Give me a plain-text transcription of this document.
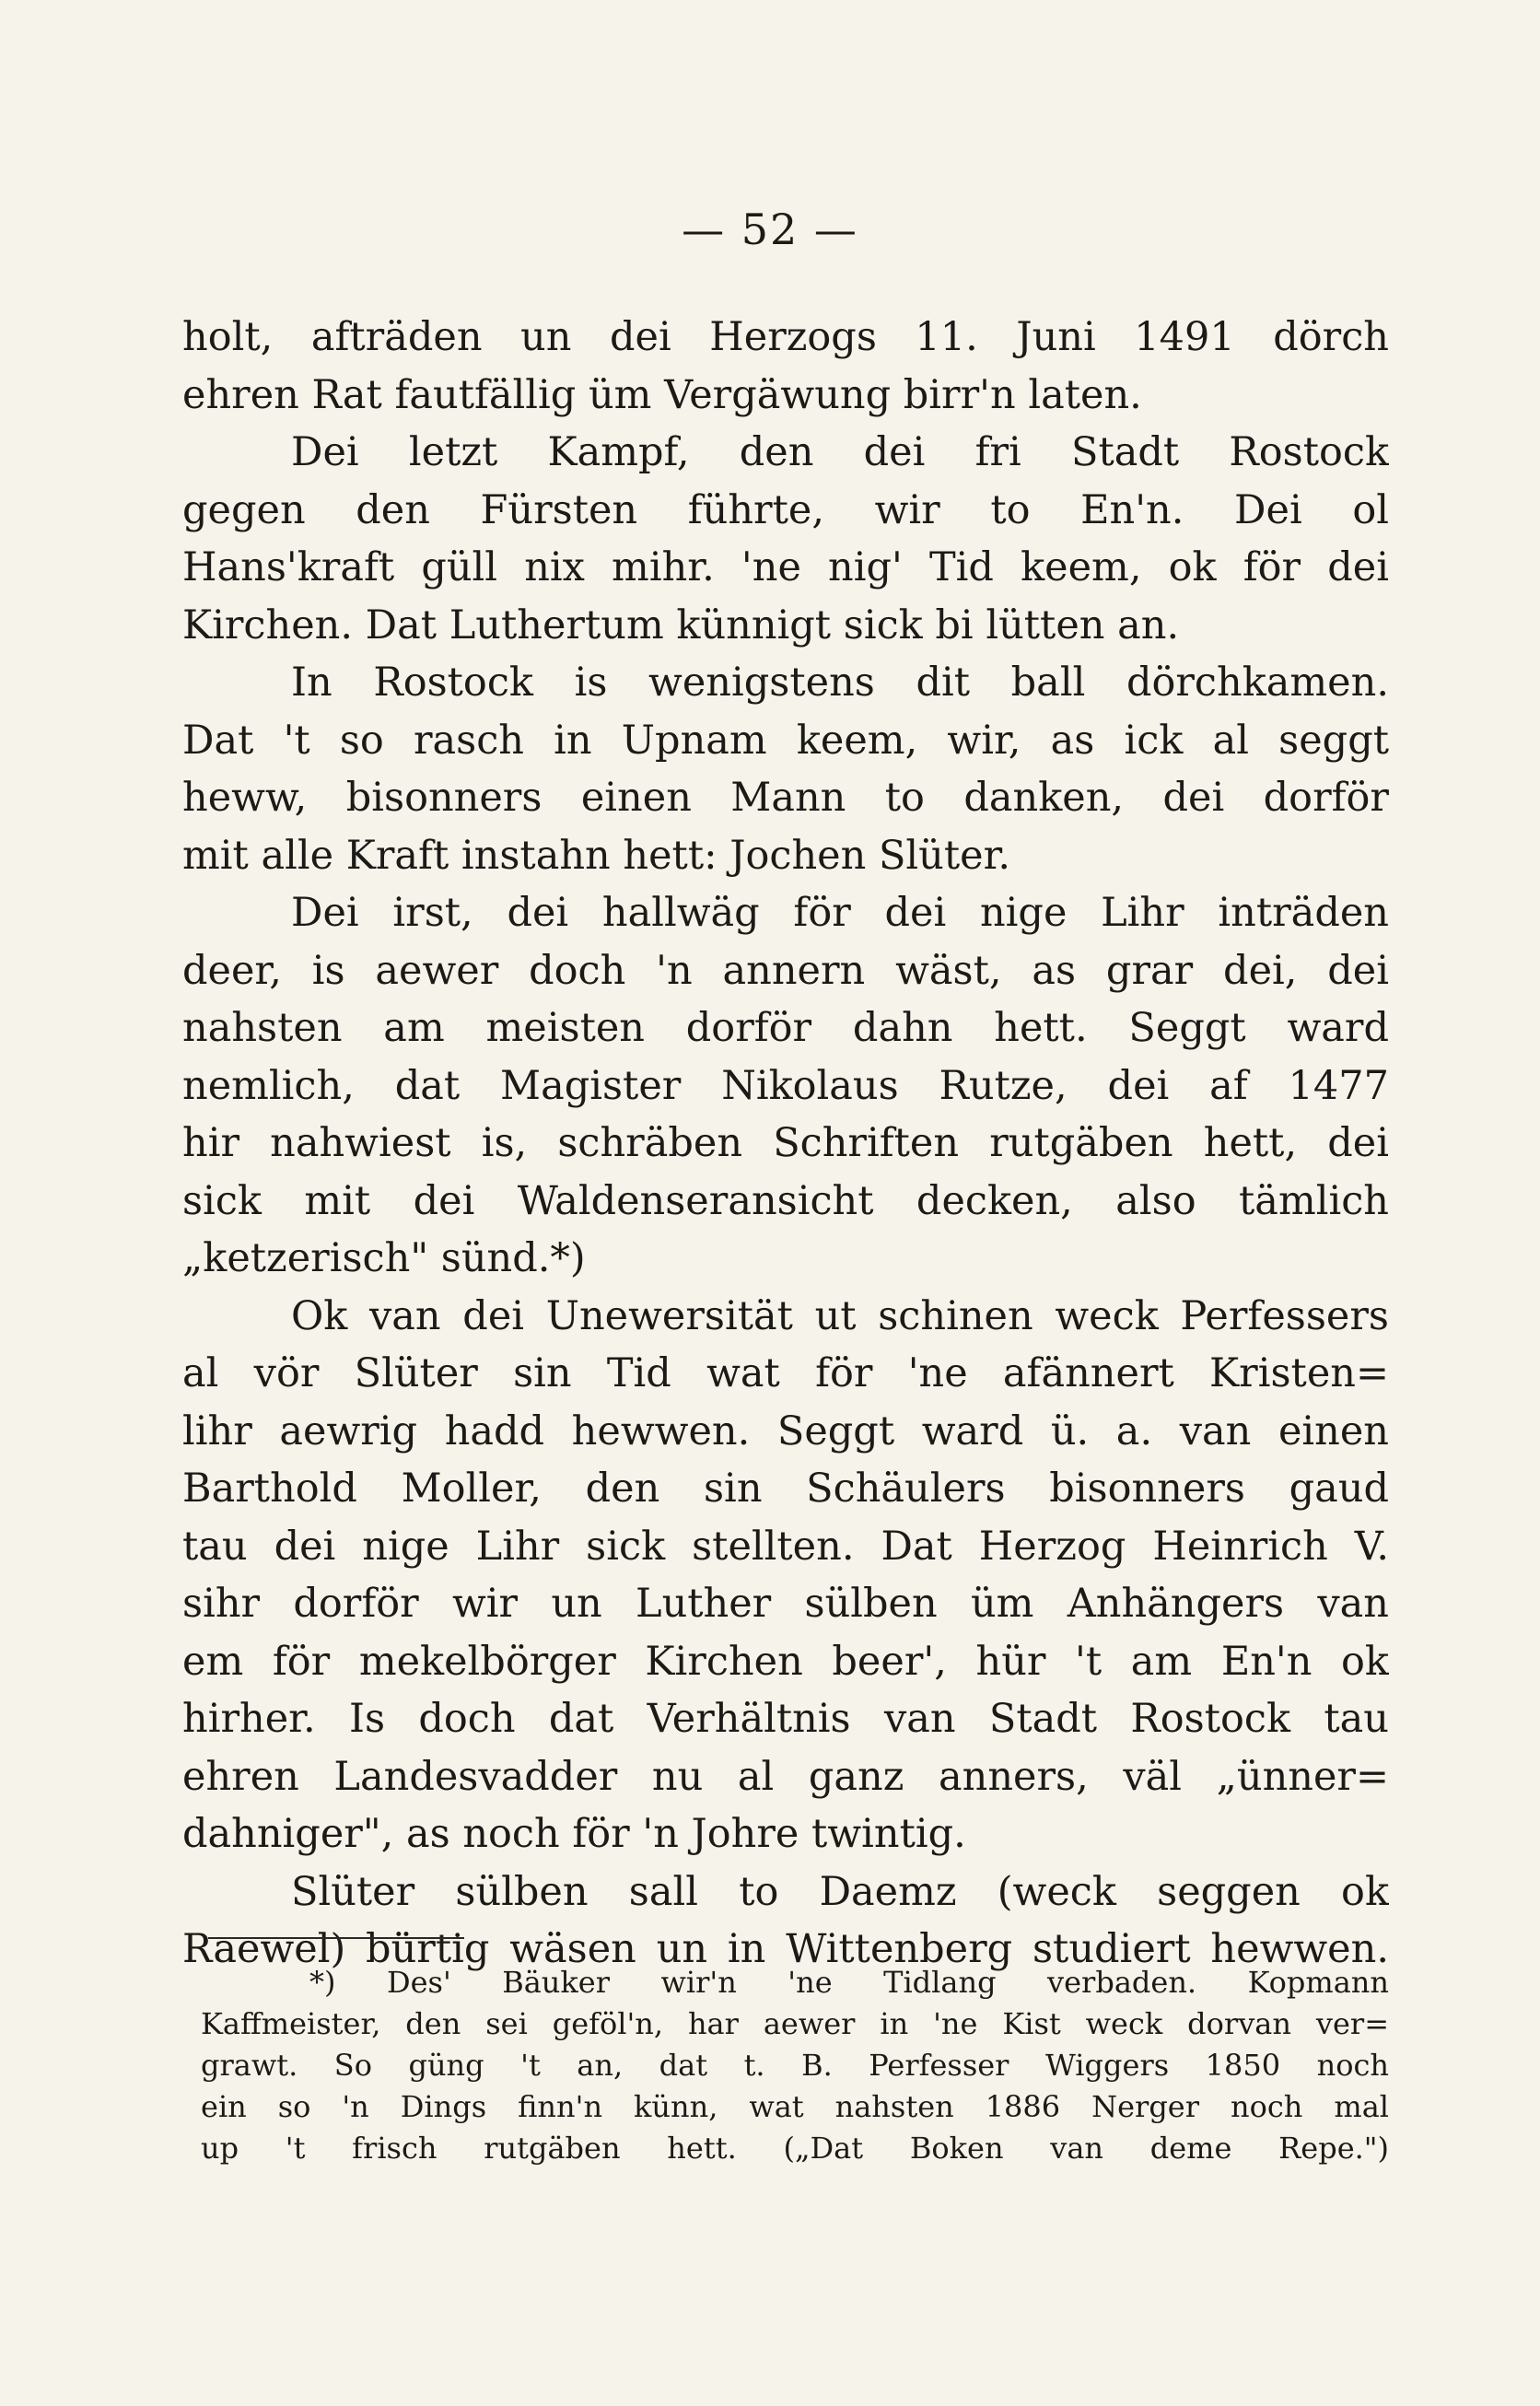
— 52 —
holt, afträden un dei Herzogs 11. Juni 1491 dörch
ehren Rat fautfällig üm Vergäwung birr'n laten.
Dei letzt Kampf, den dei fri Stadt Rostock
gegen den Fürsten führte, wir to En'n. Dei ol
Hans'kraft güll nix mihr. 'ne nig' Tid keem, ok för dei
Kirchen. Dat Luthertum künnigt sick bi lütten an.
In Rostock is wenigstens dit ball dörchkamen.
Dat 't so rasch in Upnam keem, wir, as ick al seggt
heww, bisonners einen Mann to danken, dei dorför
mit alle Kraft instahn hett: Jochen Slüter.
Dei irst, dei hallwäg för dei nige Lihr inträden
deer, is aewer doch 'n annern wäst, as grar dei, dei
nahsten am meisten dorför dahn hett. Seggt ward
nemlich, dat Magister Nikolaus Rutze, dei af 1477
hir nahwiest is, schräben Schriften rutgäben hett, dei
sick mit dei Waldenseransicht decken, also tämlich
„ketzerisch" sünd.*)
Ok van dei Unewersität ut schinen weck Perfessers
al vör Slüter sin Tid wat för 'ne afännert Kristen=
lihr aewrig hadd hewwen. Seggt ward ü. a. van einen
Barthold Moller, den sin Schäulers bisonners gaud
tau dei nige Lihr sick stellten. Dat Herzog Heinrich V.
sihr dorför wir un Luther sülben üm Anhängers van
em för mekelbörger Kirchen beer', hür 't am En'n ok
hirher. Is doch dat Verhältnis van Stadt Rostock tau
ehren Landesvadder nu al ganz anners, väl „ünner=
dahniger", as noch för 'n Johre twintig.
Slüter sülben sall to Daemz (weck seggen ok
Raewel) bürtig wäsen un in Wittenberg studiert hewwen.
*) Des' Bäuker wir'n 'ne Tidlang verbaden. Kopmann
Kaffmeister, den sei geföl'n, har aewer in 'ne Kist weck dorvan ver=
grawt. So güng 't an, dat t. B. Perfesser Wiggers 1850 noch
ein so 'n Dings finn'n künn, wat nahsten 1886 Nerger noch mal
up 't frisch rutgäben hett. („Dat Boken van deme Repe.")
